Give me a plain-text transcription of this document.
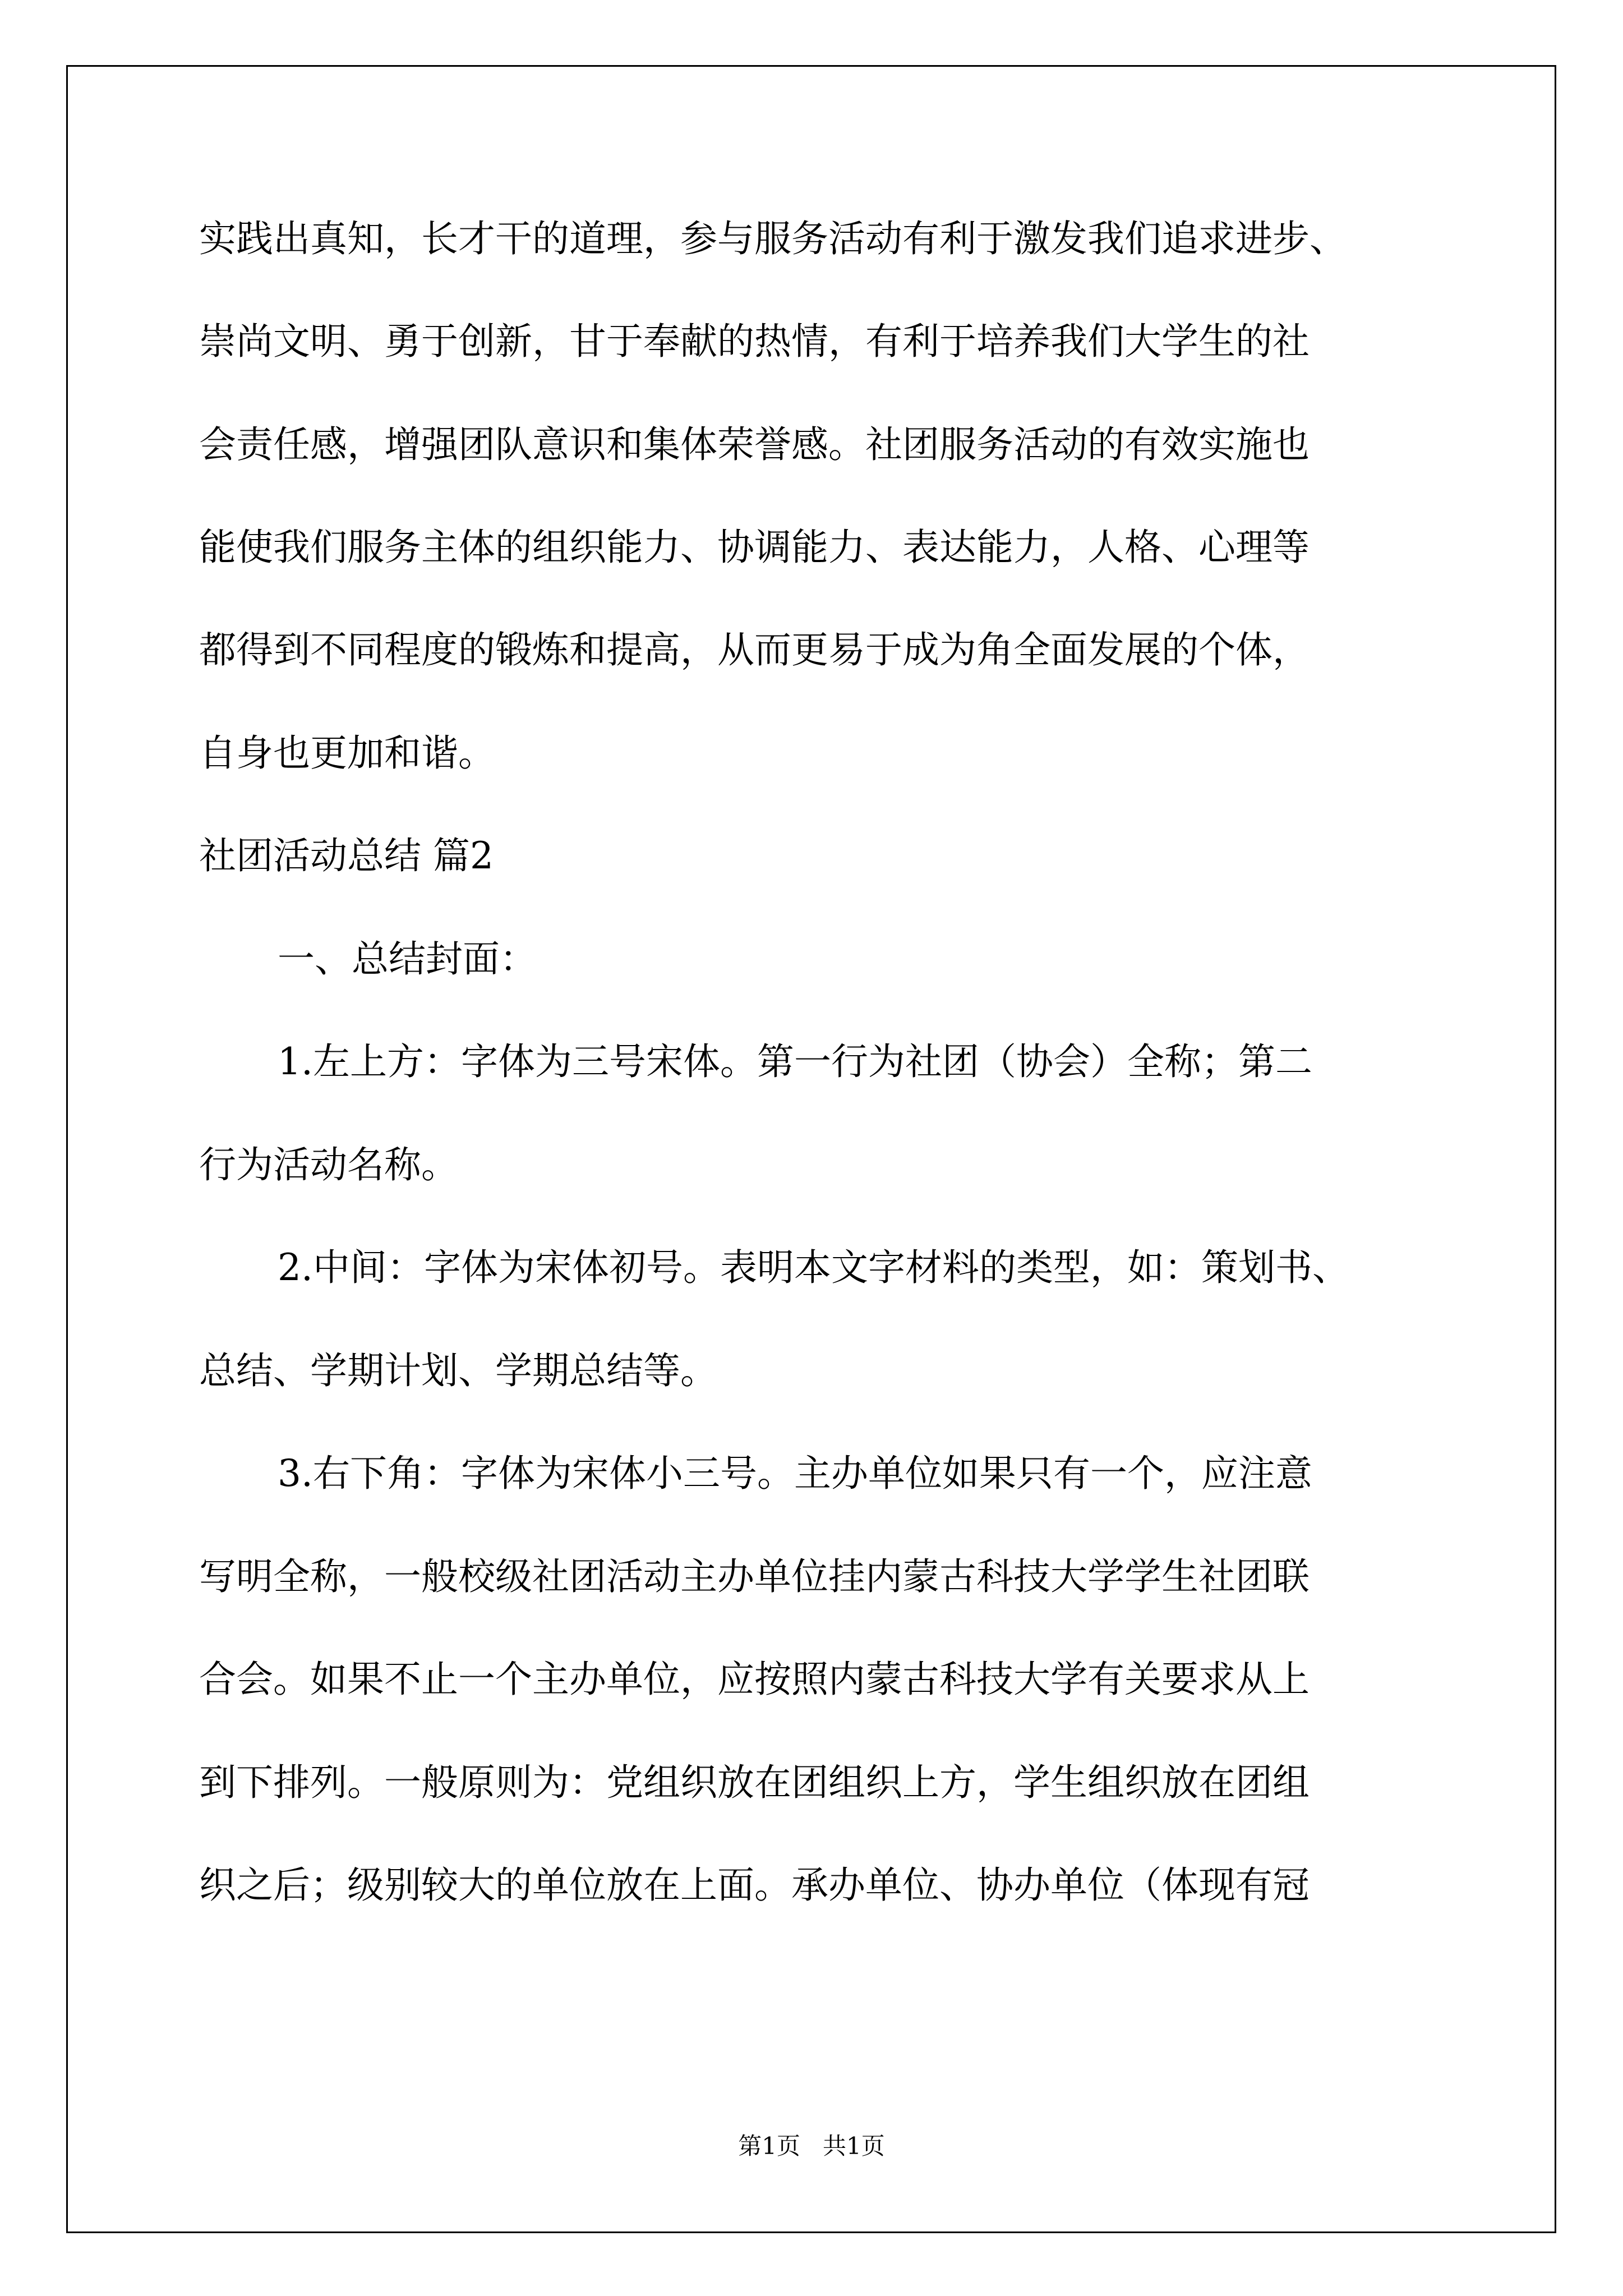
实践出真知，长才干的道理，参与服务活动有利于激发我们追求进步、

崇尚文明、勇于创新，甘于奉献的热情，有利于培养我们大学生的社

会责任感，增强团队意识和集体荣誉感。社团服务活动的有效实施也

能使我们服务主体的组织能力、协调能力、表达能力，人格、心理等

都得到不同程度的锻炼和提高，从而更易于成为角全面发展的个体，

自身也更加和谐。

社团活动总结 篇2

一、总结封面：

1.左上方：字体为三号宋体。第一行为社团（协会）全称；第二

行为活动名称。

2.中间：字体为宋体初号。表明本文字材料的类型，如：策划书、

总结、学期计划、学期总结等。

3.右下角：字体为宋体小三号。主办单位如果只有一个，应注意

写明全称，一般校级社团活动主办单位挂内蒙古科技大学学生社团联

合会。如果不止一个主办单位，应按照内蒙古科技大学有关要求从上

到下排列。一般原则为：党组织放在团组织上方，学生组织放在团组

织之后；级别较大的单位放在上面。承办单位、协办单位（体现有冠

第1页   共1页
